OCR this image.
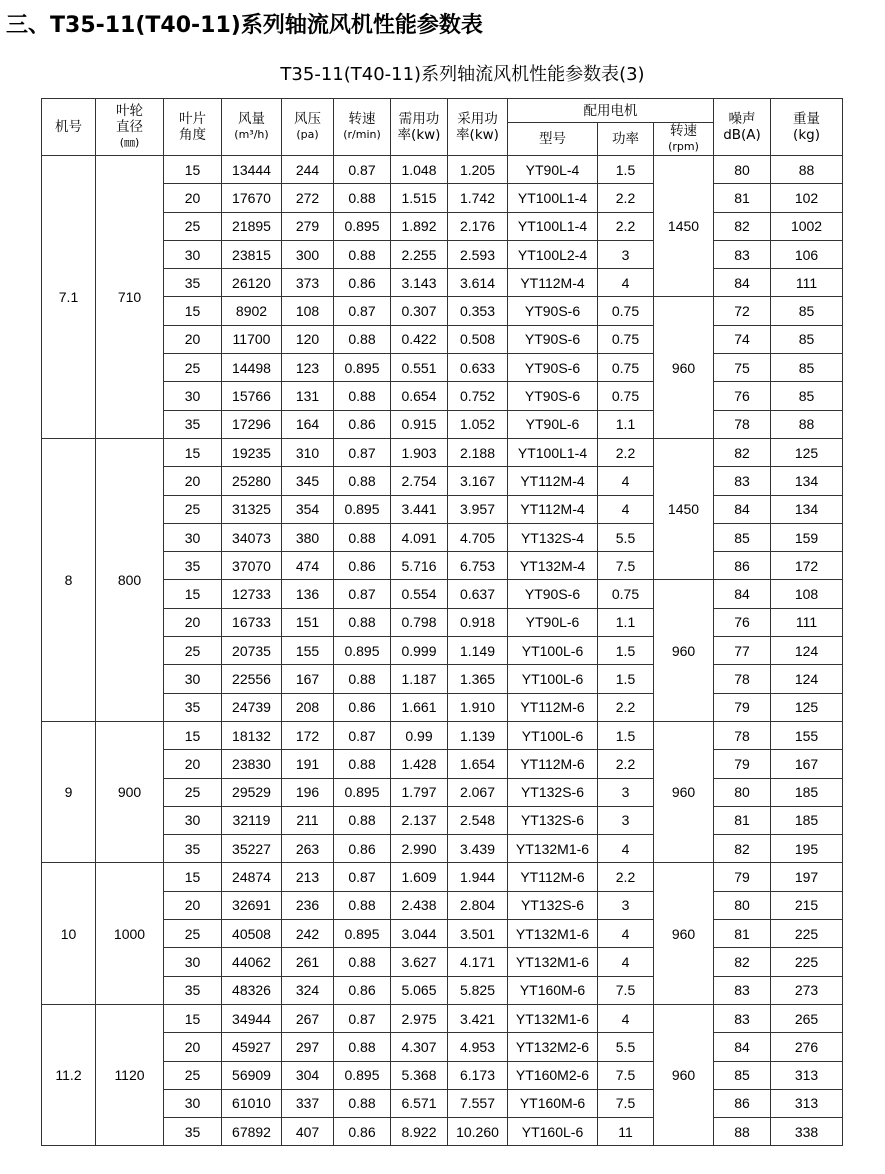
三、T35-11(T40-11)系列轴流风机性能参数表
T35-11(T40-11)系列轴流风机性能参数表(3)
机号	叶轮
直径
(㎜)	叶片
角度	风量
(m³/h)	风压
(pa)	转速
(r/min)	需用功
率(kw)	采用功
率(kw)	配用电机			噪声
dB(A)	重量
(kg)

								型号	功率	转速
(rpm)		

7.1	710	15	13444	244	0.87	1.048	1.205	YT90L-4	1.5	1450	80	88
		20	17670	272	0.88	1.515	1.742	YT100L1-4	2.2		81	102
		25	21895	279	0.895	1.892	2.176	YT100L1-4	2.2		82	1002
		30	23815	300	0.88	2.255	2.593	YT100L2-4	3		83	106
		35	26120	373	0.86	3.143	3.614	YT112M-4	4		84	111
		15	8902	108	0.87	0.307	0.353	YT90S-6	0.75	960	72	85
		20	11700	120	0.88	0.422	0.508	YT90S-6	0.75		74	85
		25	14498	123	0.895	0.551	0.633	YT90S-6	0.75		75	85
		30	15766	131	0.88	0.654	0.752	YT90S-6	0.75		76	85
		35	17296	164	0.86	0.915	1.052	YT90L-6	1.1		78	88
8	800	15	19235	310	0.87	1.903	2.188	YT100L1-4	2.2	1450	82	125
		20	25280	345	0.88	2.754	3.167	YT112M-4	4		83	134
		25	31325	354	0.895	3.441	3.957	YT112M-4	4		84	134
		30	34073	380	0.88	4.091	4.705	YT132S-4	5.5		85	159
		35	37070	474	0.86	5.716	6.753	YT132M-4	7.5		86	172
		15	12733	136	0.87	0.554	0.637	YT90S-6	0.75	960	84	108
		20	16733	151	0.88	0.798	0.918	YT90L-6	1.1		76	111
		25	20735	155	0.895	0.999	1.149	YT100L-6	1.5		77	124
		30	22556	167	0.88	1.187	1.365	YT100L-6	1.5		78	124
		35	24739	208	0.86	1.661	1.910	YT112M-6	2.2		79	125
9	900	15	18132	172	0.87	0.99	1.139	YT100L-6	1.5	960	78	155
		20	23830	191	0.88	1.428	1.654	YT112M-6	2.2		79	167
		25	29529	196	0.895	1.797	2.067	YT132S-6	3		80	185
		30	32119	211	0.88	2.137	2.548	YT132S-6	3		81	185
		35	35227	263	0.86	2.990	3.439	YT132M1-6	4		82	195
10	1000	15	24874	213	0.87	1.609	1.944	YT112M-6	2.2	960	79	197
		20	32691	236	0.88	2.438	2.804	YT132S-6	3		80	215
		25	40508	242	0.895	3.044	3.501	YT132M1-6	4		81	225
		30	44062	261	0.88	3.627	4.171	YT132M1-6	4		82	225
		35	48326	324	0.86	5.065	5.825	YT160M-6	7.5		83	273
11.2	1120	15	34944	267	0.87	2.975	3.421	YT132M1-6	4	960	83	265
		20	45927	297	0.88	4.307	4.953	YT132M2-6	5.5		84	276
		25	56909	304	0.895	5.368	6.173	YT160M2-6	7.5		85	313
		30	61010	337	0.88	6.571	7.557	YT160M-6	7.5		86	313
		35	67892	407	0.86	8.922	10.260	YT160L-6	11		88	338
